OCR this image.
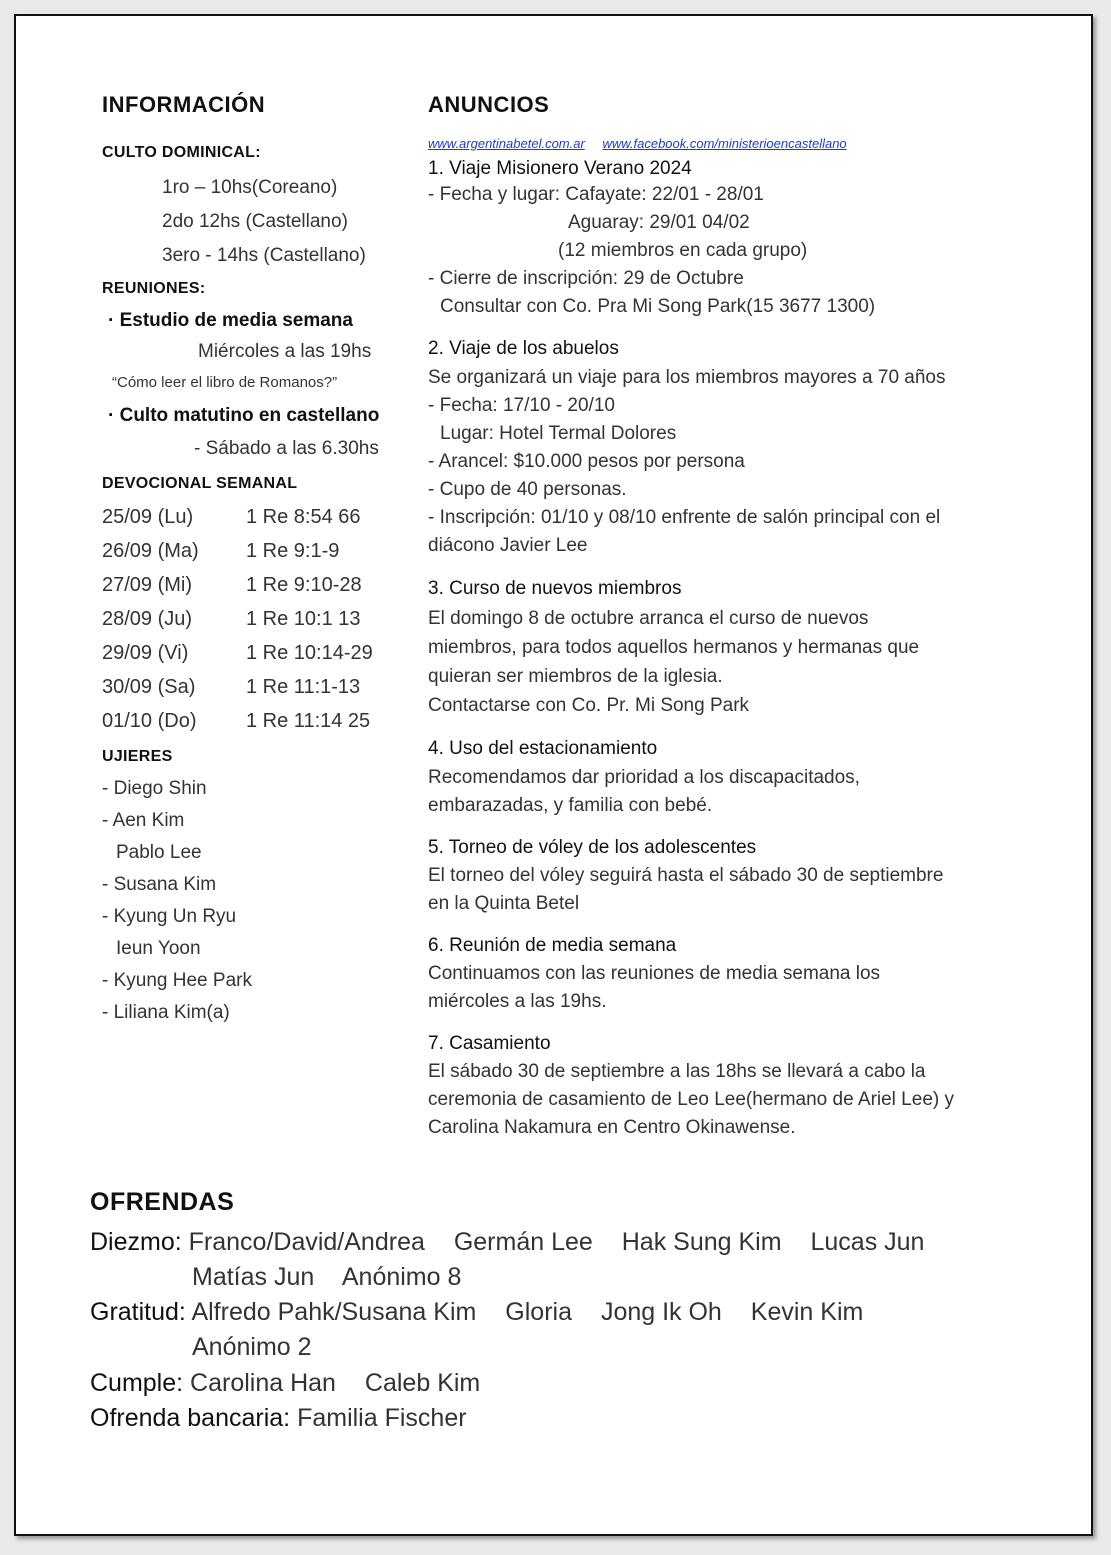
INFORMACIÓN
CULTO DOMINICAL:
1ro – 10hs(Coreano)
2do 12hs (Castellano)
3ero - 14hs (Castellano)
REUNIONES:
· Estudio de media semana
Miércoles a las 19hs
“Cómo leer el libro de Romanos?”
· Culto matutino en castellano
- Sábado a las 6.30hs
DEVOCIONAL SEMANAL
25/09 (Lu)	1 Re 8:54 66
26/09 (Ma) 1 Re 9:1-9
27/09 (Mi)	1 Re 9:10-28
28/09 (Ju)	1 Re 10:1 13
29/09 (Vi)	1 Re 10:14-29
30/09 (Sa)	1 Re 11:1-13
01/10 (Do) 1 Re 11:14 25
UJIERES
- Diego Shin
- Aen Kim
Pablo Lee
- Susana Kim
- Kyung Un Ryu
Ieun Yoon
- Kyung Hee Park
- Liliana Kim(a)
ANUNCIOS
www.argentinabetel.com.ar www.facebook.com/ministerioencastellano
1. Viaje Misionero Verano 2024
- Fecha y lugar: Cafayate: 22/01 - 28/01
Aguaray: 29/01 04/02
(12 miembros en cada grupo)
- Cierre de inscripción: 29 de Octubre
Consultar con Co. Pra Mi Song Park(15 3677 1300)
2. Viaje de los abuelos
Se organizará un viaje para los miembros mayores a 70 años
- Fecha: 17/10 - 20/10
Lugar: Hotel Termal Dolores
- Arancel: $10.000 pesos por persona
- Cupo de 40 personas.
- Inscripción: 01/10 y 08/10 enfrente de salón principal con el
diácono Javier Lee
3. Curso de nuevos miembros
El domingo 8 de octubre arranca el curso de nuevos
miembros, para todos aquellos hermanos y hermanas que
quieran ser miembros de la iglesia.
Contactarse con Co. Pr. Mi Song Park
4. Uso del estacionamiento
Recomendamos dar prioridad a los discapacitados,
embarazadas, y familia con bebé.
5. Torneo de vóley de los adolescentes
El torneo del vóley seguirá hasta el sábado 30 de septiembre
en la Quinta Betel
6. Reunión de media semana
Continuamos con las reuniones de media semana los
miércoles a las 19hs.
7. Casamiento
El sábado 30 de septiembre a las 18hs se llevará a cabo la
ceremonia de casamiento de Leo Lee(hermano de Ariel Lee) y
Carolina Nakamura en Centro Okinawense.
OFRENDAS
Diezmo: Franco/David/Andrea Germán Lee Hak Sung Kim Lucas Jun
Matías Jun Anónimo 8
Gratitud: Alfredo Pahk/Susana Kim Gloria Jong Ik Oh Kevin Kim
Anónimo 2
Cumple: Carolina Han Caleb Kim
Ofrenda bancaria: Familia Fischer
